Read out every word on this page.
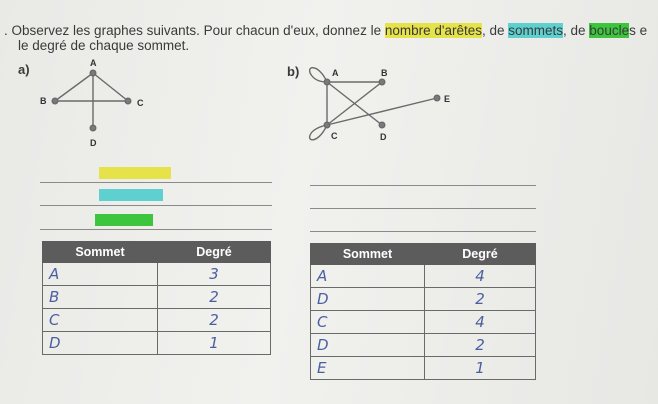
. Observez les graphes suivants. Pour chacun d'eux, donnez le nombre d'arêtes, de sommets, de boucles e
le degré de chaque sommet.
a)	A
B	C
D
b)	A	B
C	D
E
Sommet	Degré
A	3
B	2
C	2
D	1
Sommet	Degré
A	4
D	2
C	4
D	2
E	1
